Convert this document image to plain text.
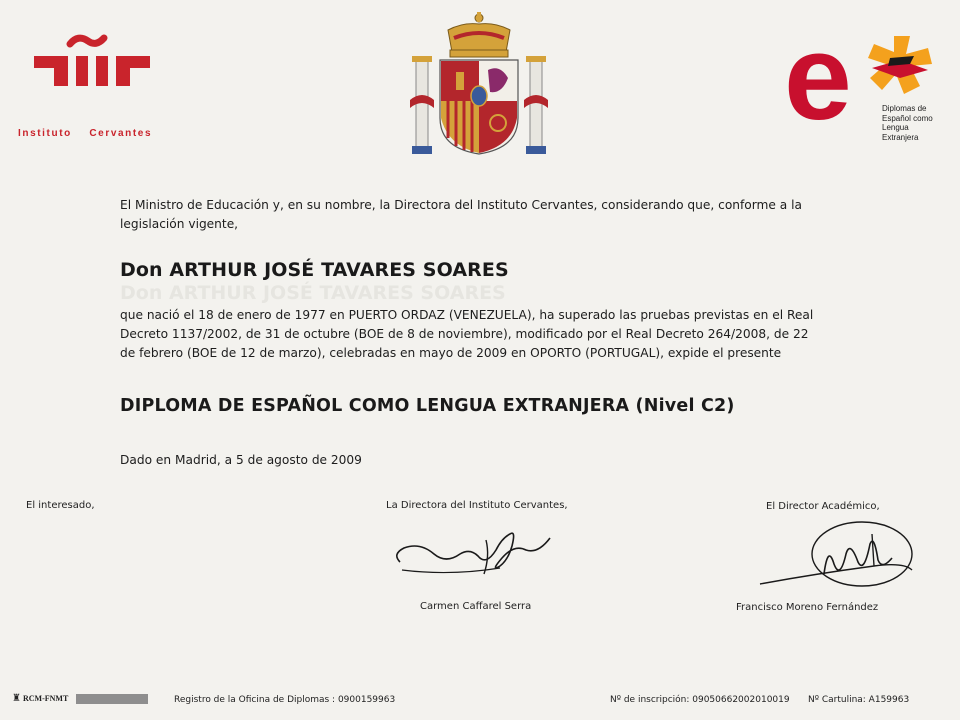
Instituto Cervantes	e	Diplomas de
Español como
Lengua
Extranjera
El Ministro de Educación y, en su nombre, la Directora del Instituto Cervantes, considerando que, conforme a la legislación vigente,
Don ARTHUR JOSÉ TAVARES SOARES
Don ARTHUR JOSÉ TAVARES SOARES
que nació el 18 de enero de 1977 en PUERTO ORDAZ (VENEZUELA), ha superado las pruebas previstas en el Real Decreto 1137/2002, de 31 de octubre (BOE de 8 de noviembre), modificado por el Real Decreto 264/2008, de 22 de febrero (BOE de 12 de marzo), celebradas en mayo de 2009 en OPORTO (PORTUGAL), expide el presente
DIPLOMA DE ESPAÑOL COMO LENGUA EXTRANJERA (Nivel C2)
Dado en Madrid, a 5 de agosto de 2009
El interesado,	La Directora del Instituto Cervantes,
Carmen Caffarel Serra
El Director Académico,
Francisco Moreno Fernández
♜ RCM-FNMT	Registro de la Oficina de Diplomas : 0900159963	Nº de inscripción: 09050662002010019 Nº Cartulina: A159963
